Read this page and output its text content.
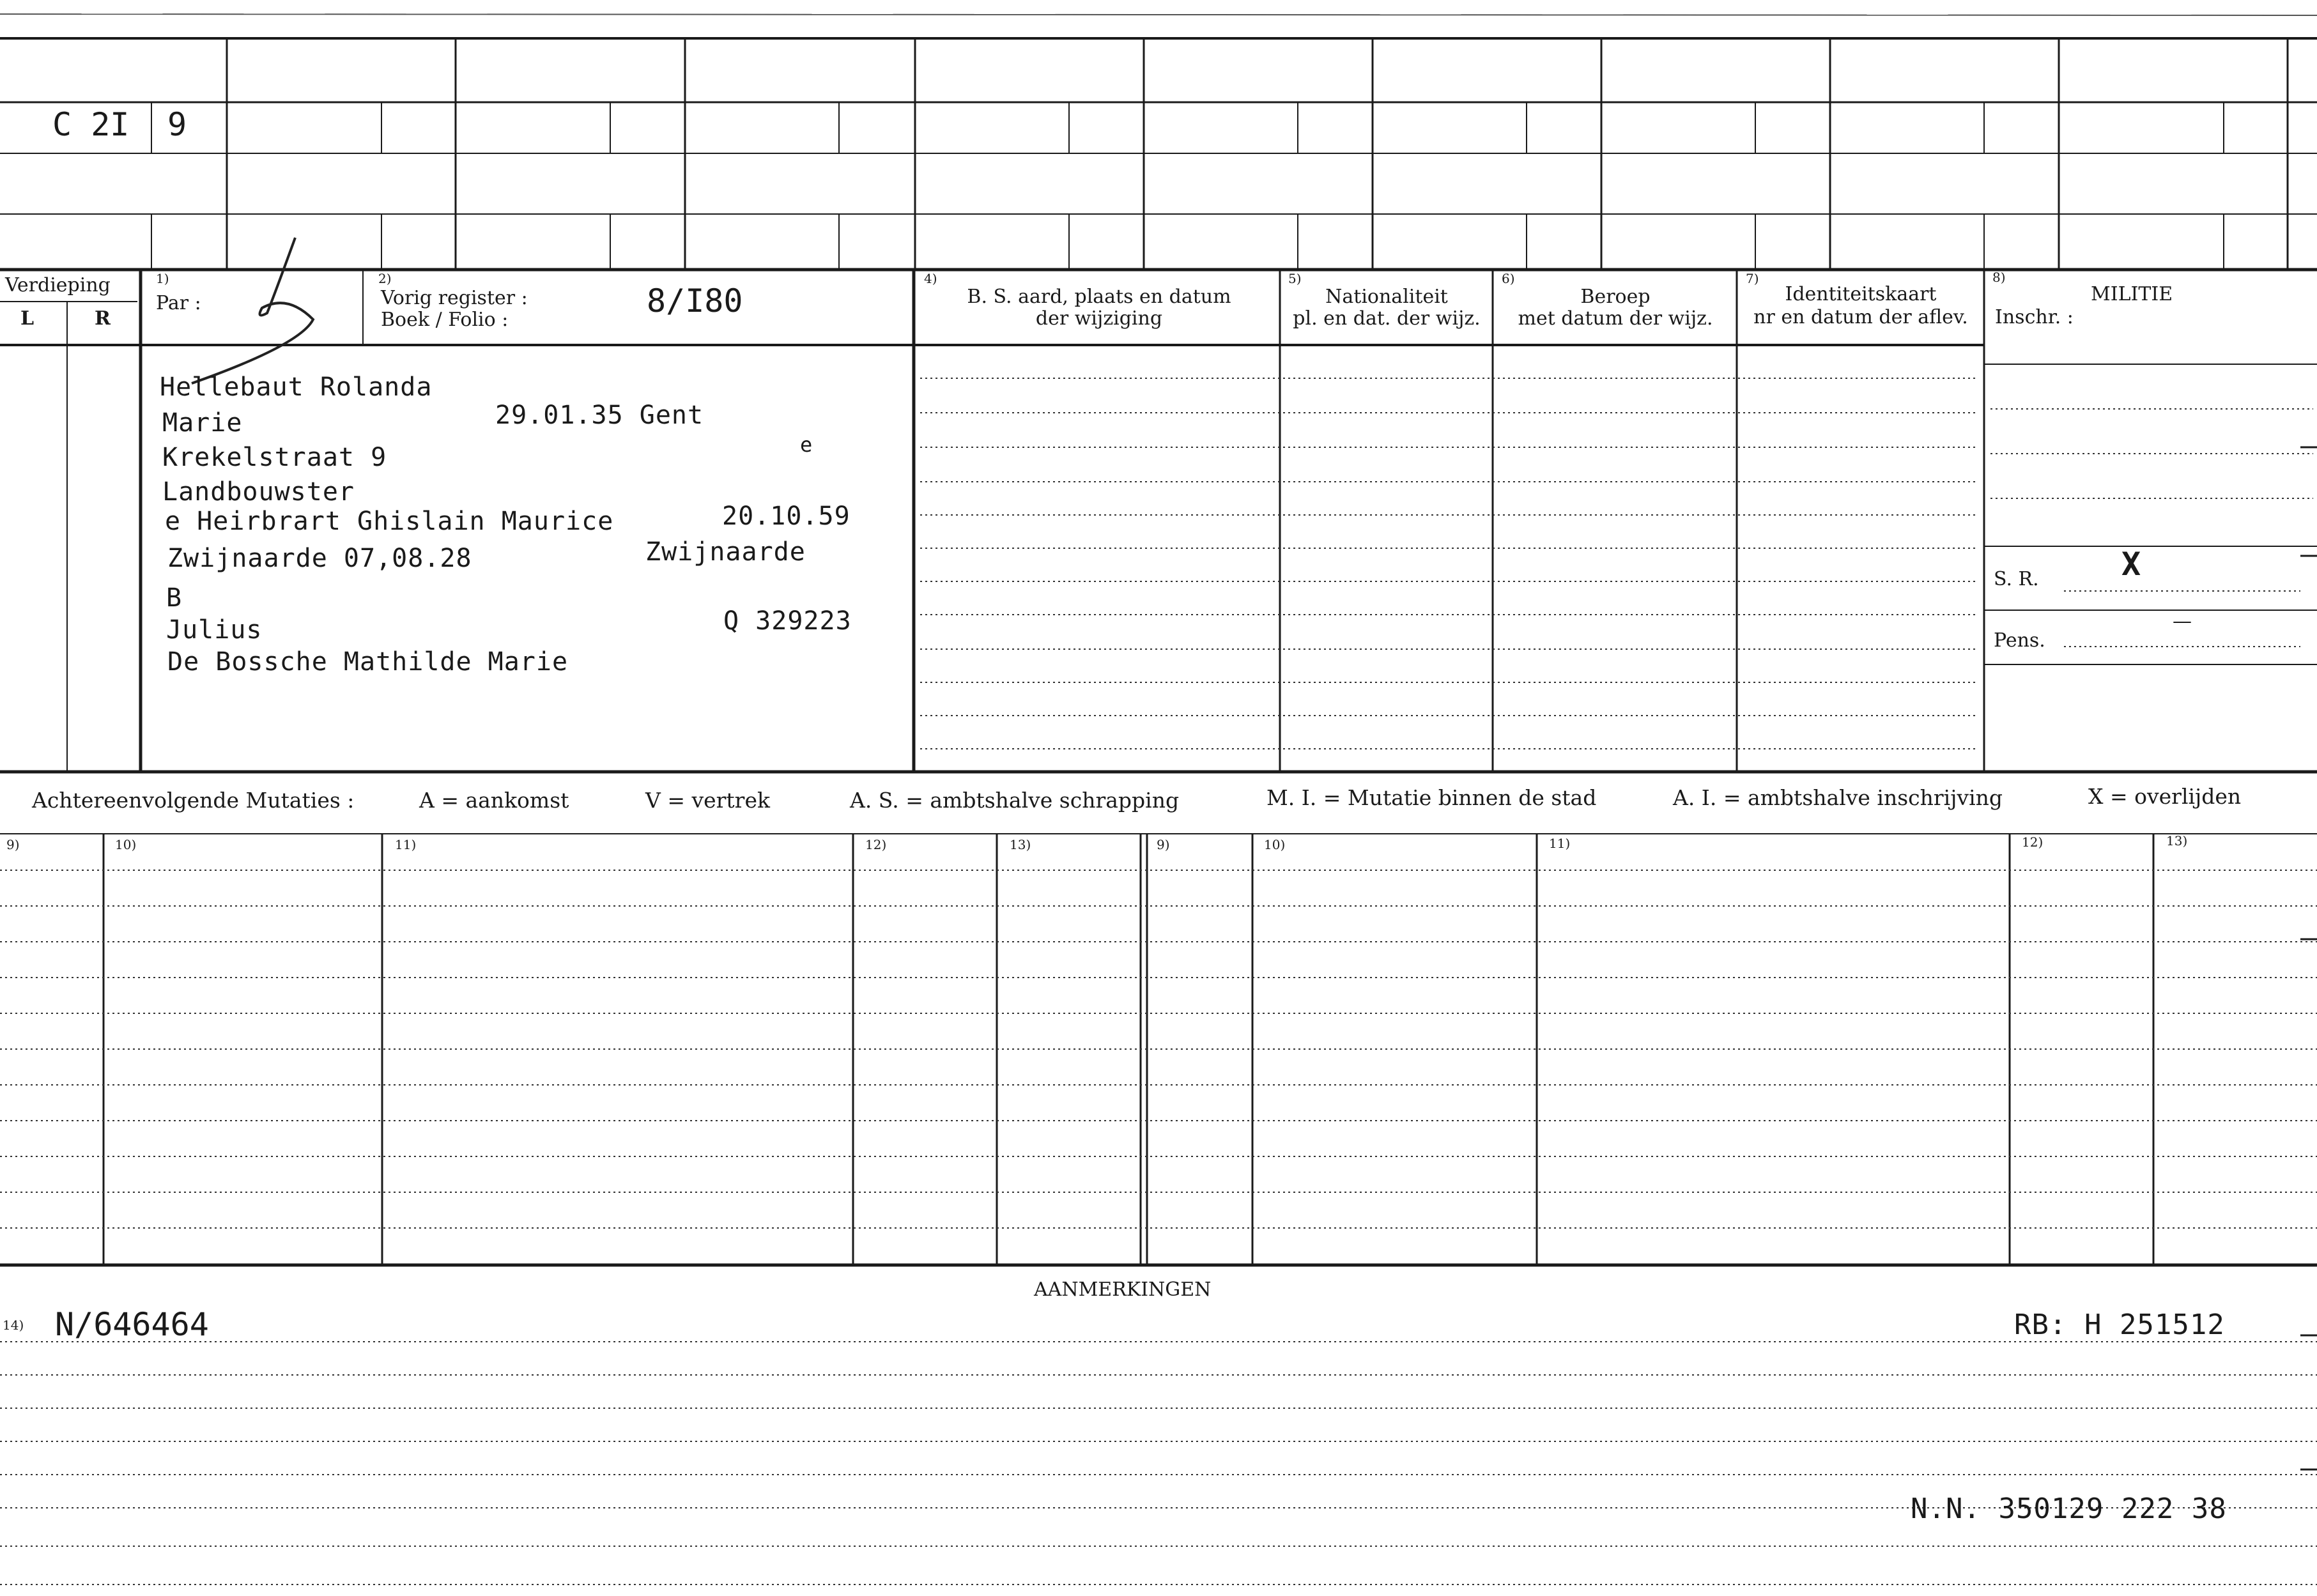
C 2I 9
Verdieping
L	R
1)
Par :
2)
Vorig register :
Boek / Folio :
8/I80
4)
B. S. aard, plaats en datum
der wijziging
5)
Nationaliteit
pl. en dat. der wijz.
6)
Beroep
met datum der wijz.
7)
Identiteitskaart
nr en datum der aflev.
8)
MILITIE
Inschr. :
S. R.	X
Pens.
—
Hellebaut Rolanda
Marie	29.01.35 Gent
Krekelstraat 9	e
Landbouwster
e Heirbrart Ghislain Maurice	20.10.59
Zwijnaarde 07,08.28	Zwijnaarde
B
Julius	Q 329223
De Bossche Mathilde Marie
Achtereenvolgende Mutaties :	A = aankomst	V = vertrek	A. S. = ambtshalve schrapping	M. I. = Mutatie binnen de stad	A. I. = ambtshalve inschrijving	X = overlijden
9)	10)	11)	12)	13)	9)	10)	11)	12)	13)
AANMERKINGEN
14) N/646464	RB: H 251512
N.N. 350129 222 38
